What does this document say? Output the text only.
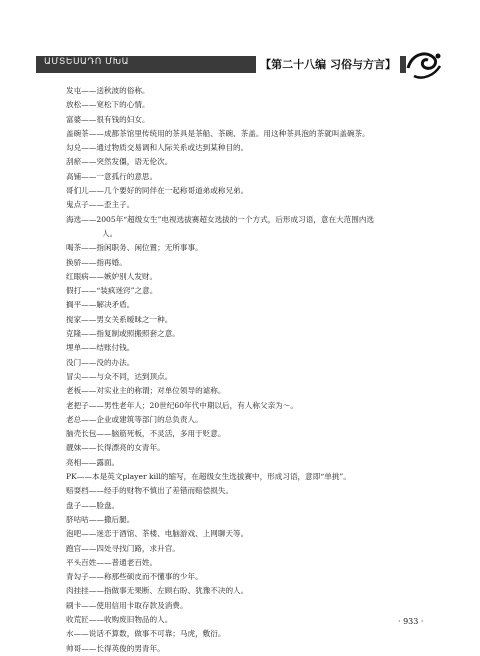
ԱՄՏԵՍԱԴՈ ՄԽԱ	【第二十八编 习俗与方言】

发屯——送秋波的俗称。

放松——宽松下的心情。

富婆——很有钱的妇女。

盖碗茶——成都茶馆里传统用的茶具是茶船、茶碗、茶盖。用这种茶具泡的茶就叫盖碗茶。

勾兑——通过物质交易调和人际关系或达到某种目的。

刮瘀——突然发僵，语无伦次。

高铺——一意孤行的意思。

哥们儿——几个要好的同伴在一起称哥道弟或称兄弟。

鬼点子——歪主子。

海选——2005年“超级女生”电视选拔赛超女选拔的一个方式，后形成习语，意在大范围内选

人。

喝茶——指闲职务、闲位置；无所事事。

换骄——指再婚。

红眼病——嫉妒别人发财。

假打——“装疯迷窍”之意。

搁平——解决矛盾。

搅家——男女关系暧昧之一种。

克隆——指复制或照搬照套之意。

埋单——结账付钱。

没门——没的办法。

冒尖——与众不同，达到顶点。

老板——对实业主的称谓；对单位领导的谑称。

老把子——男性老年人；20世纪60年代中期以后，有人称父亲为～。

老总——企业或建筑等部门的总负责人。

脑壳长包——脑筋死板，不灵活，多用于贬意。

靓妹——长得漂亮的女青年。

亮相——露面。

PK——本是英文player kill的缩写，在超级女生选拔赛中，形成习语，意即“单挑”。

赔耍档——经手的财物不慎出了差错而赔偿损失。

盘子——脸盘。

脐咕咕——撒后腿。

泡吧——迷恋于酒馆、茶楼、电脑游戏、上网聊天等。

跑官——四处寻找门路，求升官。

平头百姓——普通老百姓。

青勾子——称那些硕皮而不懂事的少年。

肉挂挂——指做事无果断、左顾右盼、犹豫不决的人。

刷卡——使用信用卡取存款及消费。

收荒匠——收购废旧物品的人。

水——说话不算数，做事不可靠；马虎，敷衍。

帅哥——长得英俊的男青年。

· 933 ·
